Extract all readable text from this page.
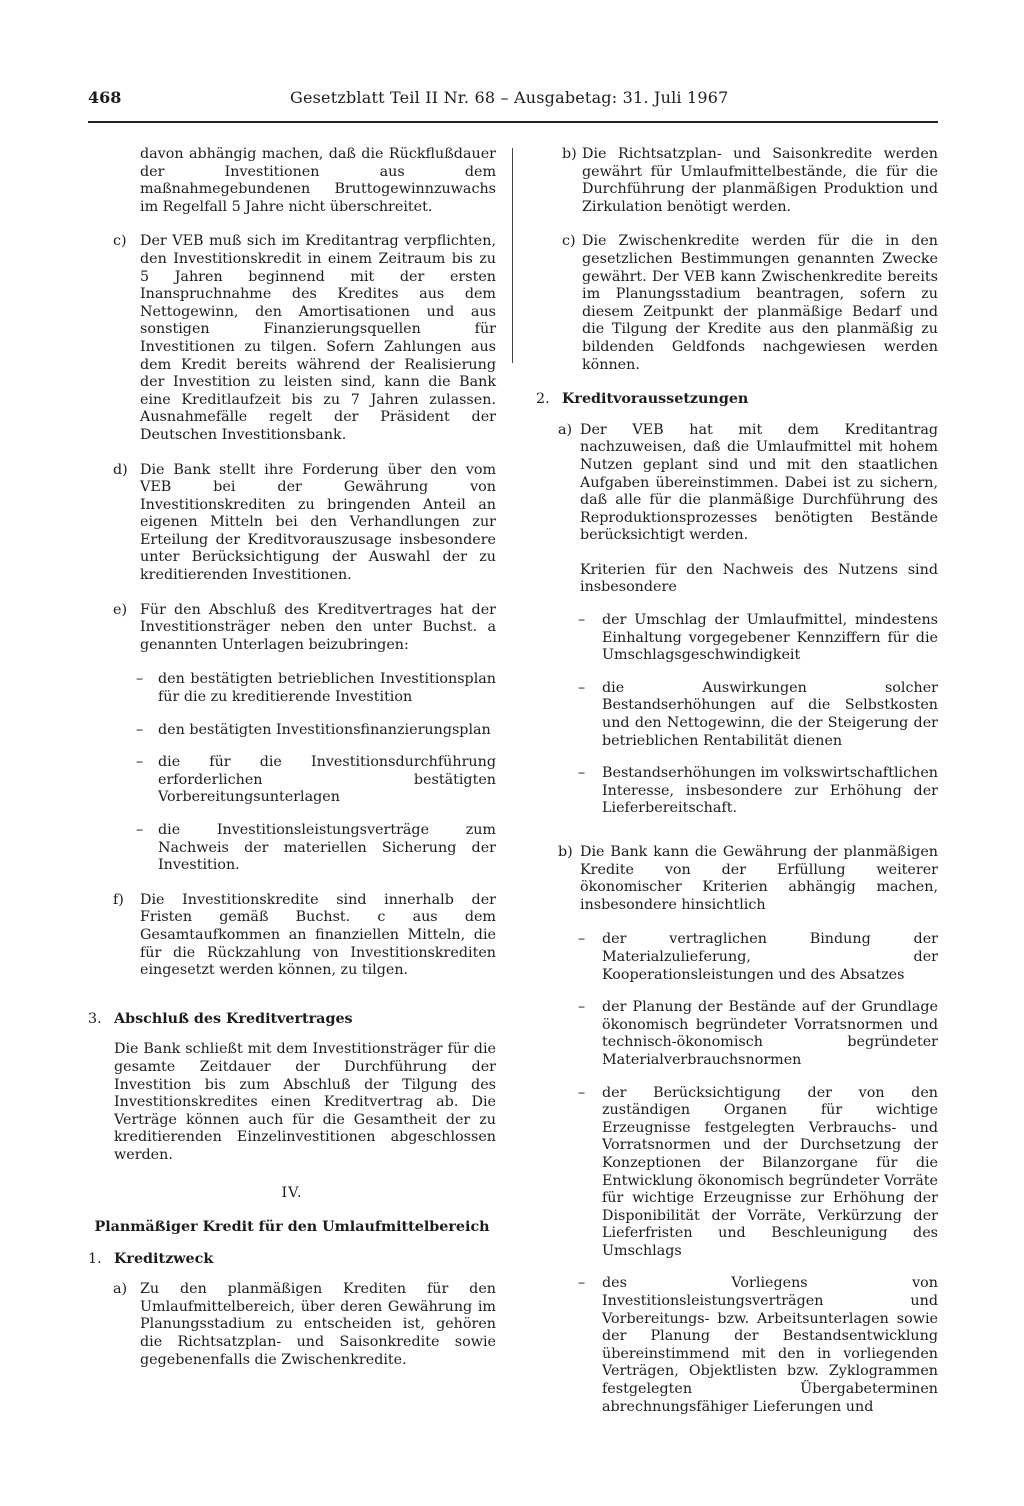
468	Gesetzblatt Teil II Nr. 68 – Ausgabetag: 31. Juli 1967
davon abhängig machen, daß die Rückflußdauer der Investitionen aus dem maßnahmegebundenen Bruttogewinnzuwachs im Regelfall 5 Jahre nicht überschreitet.
c) Der VEB muß sich im Kreditantrag verpflichten, den Investitionskredit in einem Zeitraum bis zu 5 Jahren beginnend mit der ersten Inanspruchnahme des Kredites aus dem Nettogewinn, den Amortisationen und aus sonstigen Finanzierungsquellen für Investitionen zu tilgen. Sofern Zahlungen aus dem Kredit bereits während der Realisierung der Investition zu leisten sind, kann die Bank eine Kreditlaufzeit bis zu 7 Jahren zulassen. Ausnahmefälle regelt der Präsident der Deutschen Investitionsbank.
d) Die Bank stellt ihre Forderung über den vom VEB bei der Gewährung von Investitionskrediten zu bringenden Anteil an eigenen Mitteln bei den Verhandlungen zur Erteilung der Kreditvorauszusage insbesondere unter Berücksichtigung der Auswahl der zu kreditierenden Investitionen.
e) Für den Abschluß des Kreditvertrages hat der Investitionsträger neben den unter Buchst. a genannten Unterlagen beizubringen:
– den bestätigten betrieblichen Investitionsplan für die zu kreditierende Investition
– den bestätigten Investitionsfinanzierungsplan
– die für die Investitionsdurchführung erforderlichen bestätigten Vorbereitungsunterlagen
– die Investitionsleistungsverträge zum Nachweis der materiellen Sicherung der Investition.
f) Die Investitionskredite sind innerhalb der Fristen gemäß Buchst. c aus dem Gesamtaufkommen an finanziellen Mitteln, die für die Rückzahlung von Investitionskrediten eingesetzt werden können, zu tilgen.
3. Abschluß des Kreditvertrages
Die Bank schließt mit dem Investitionsträger für die gesamte Zeitdauer der Durchführung der Investition bis zum Abschluß der Tilgung des Investitionskredites einen Kreditvertrag ab. Die Verträge können auch für die Gesamtheit der zu kreditierenden Einzelinvestitionen abgeschlossen werden.
IV.
Planmäßiger Kredit für den Umlaufmittelbereich
1. Kreditzweck
a) Zu den planmäßigen Krediten für den Umlaufmittelbereich, über deren Gewährung im Planungsstadium zu entscheiden ist, gehören die Richtsatzplan- und Saisonkredite sowie gegebenenfalls die Zwischenkredite.
b) Die Richtsatzplan- und Saisonkredite werden gewährt für Umlaufmittelbestände, die für die Durchführung der planmäßigen Produktion und Zirkulation benötigt werden.
c) Die Zwischenkredite werden für die in den gesetzlichen Bestimmungen genannten Zwecke gewährt. Der VEB kann Zwischenkredite bereits im Planungsstadium beantragen, sofern zu diesem Zeitpunkt der planmäßige Bedarf und die Tilgung der Kredite aus den planmäßig zu bildenden Geldfonds nachgewiesen werden können.
2. Kreditvoraussetzungen
a) Der VEB hat mit dem Kreditantrag nachzuweisen, daß die Umlaufmittel mit hohem Nutzen geplant sind und mit den staatlichen Aufgaben übereinstimmen. Dabei ist zu sichern, daß alle für die planmäßige Durchführung des Reproduktionsprozesses benötigten Bestände berücksichtigt werden.
Kriterien für den Nachweis des Nutzens sind insbesondere
– der Umschlag der Umlaufmittel, mindestens Einhaltung vorgegebener Kennziffern für die Umschlagsgeschwindigkeit
– die Auswirkungen solcher Bestandserhöhungen auf die Selbstkosten und den Nettogewinn, die der Steigerung der betrieblichen Rentabilität dienen
– Bestandserhöhungen im volkswirtschaftlichen Interesse, insbesondere zur Erhöhung der Lieferbereitschaft.
b) Die Bank kann die Gewährung der planmäßigen Kredite von der Erfüllung weiterer ökonomischer Kriterien abhängig machen, insbesondere hinsichtlich
– der vertraglichen Bindung der Materialzulieferung, der Kooperationsleistungen und des Absatzes
– der Planung der Bestände auf der Grundlage ökonomisch begründeter Vorratsnormen und technisch-ökonomisch begründeter Materialverbrauchsnormen
– der Berücksichtigung der von den zuständigen Organen für wichtige Erzeugnisse festgelegten Verbrauchs- und Vorratsnormen und der Durchsetzung der Konzeptionen der Bilanzorgane für die Entwicklung ökonomisch begründeter Vorräte für wichtige Erzeugnisse zur Erhöhung der Disponibilität der Vorräte, Verkürzung der Lieferfristen und Beschleunigung des Umschlags
– des Vorliegens von Investitionsleistungsverträgen und Vorbereitungs- bzw. Arbeitsunterlagen sowie der Planung der Bestandsentwicklung übereinstimmend mit den in vorliegenden Verträgen, Objektlisten bzw. Zyklogrammen festgelegten Übergabeterminen abrechnungsfähiger Lieferungen und
